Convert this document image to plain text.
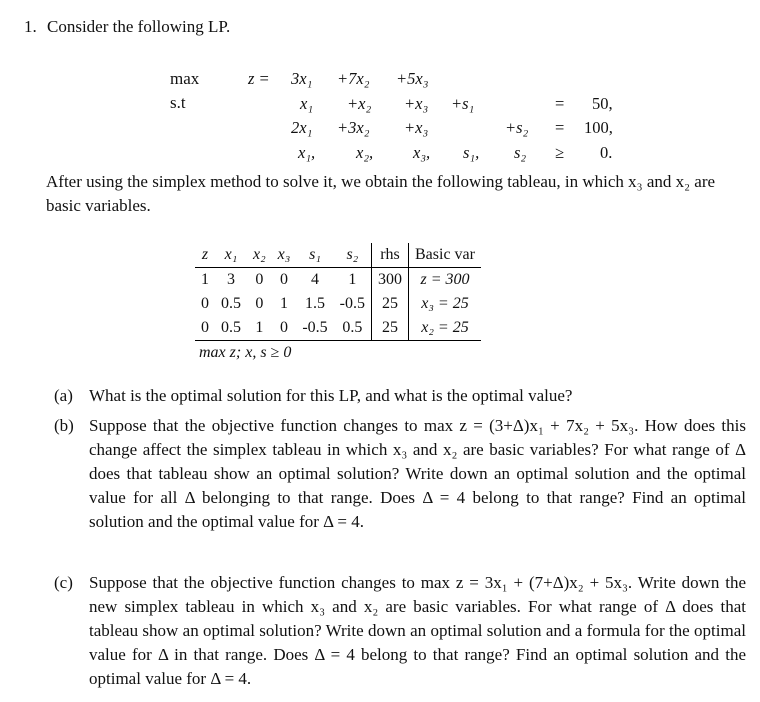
1. Consider the following LP.
max
s.t
z = 3x₁ +7x₂ +5x₃
x₁ +x₂ +x₃ +s₁	= 50,
2x₁ +3x₂ +x₃	+s₂ = 100,
x₁, x₂, x₃, s₁, s₂ ≥ 0.
After using the simplex method to solve it, we obtain the following tableau, in which x₃ and x₂ are basic variables.
z	x₁	x₂	x₃	s₁	s₂	rhs	Basic var
1	3	0	0	4	1	300	z = 300
0	0.5	0	1	1.5	-0.5	25	x₃ = 25
0	0.5	1	0	-0.5	0.5	25	x₂ = 25
max z; x, s ≥ 0							
(a) What is the optimal solution for this LP, and what is the optimal value?
(b) Suppose that the objective function changes to max z = (3+Δ)x₁ + 7x₂ + 5x₃. How does this change affect the simplex tableau in which x₃ and x₂ are basic variables? For what range of Δ does that tableau show an optimal solution? Write down an optimal solution and the optimal value for all Δ belonging to that range. Does Δ = 4 belong to that range? Find an optimal solution and the optimal value for Δ = 4.
(c) Suppose that the objective function changes to max z = 3x₁ + (7+Δ)x₂ + 5x₃. Write down the new simplex tableau in which x₃ and x₂ are basic variables. For what range of Δ does that tableau show an optimal solution? Write down an optimal solution and a formula for the optimal value for Δ in that range. Does Δ = 4 belong to that range? Find an optimal solution and the optimal value for Δ = 4.
